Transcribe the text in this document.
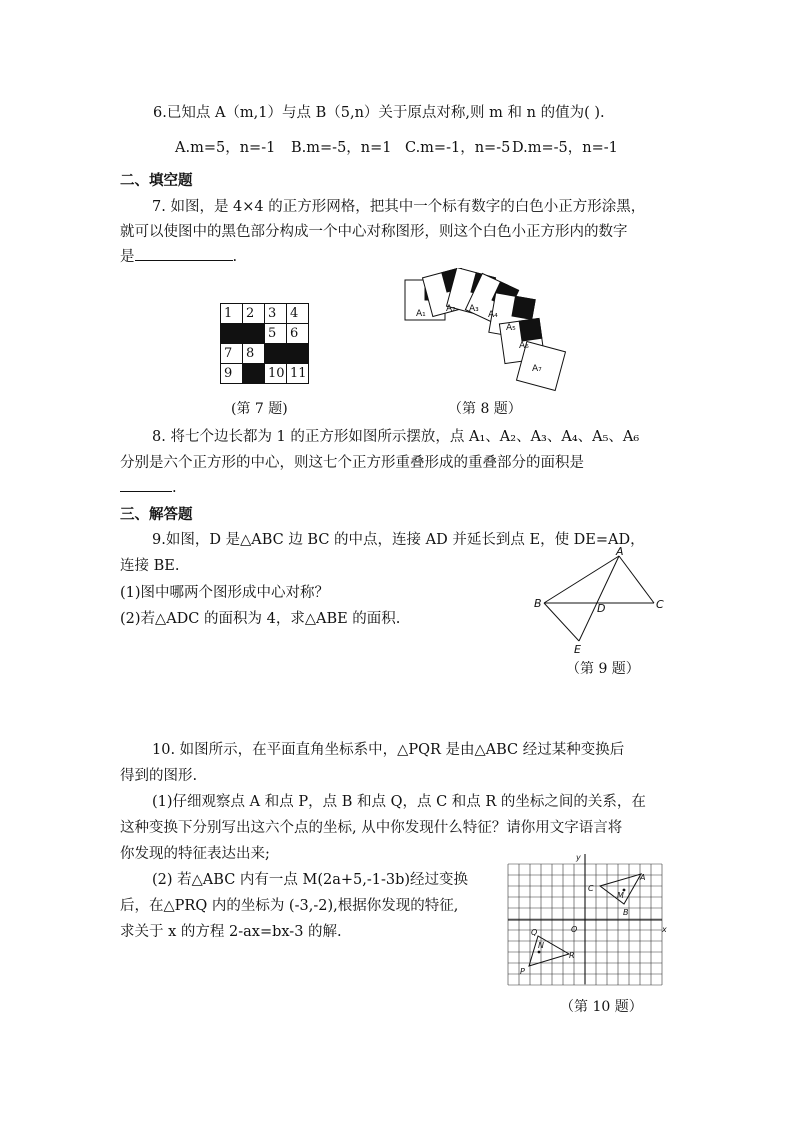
6.已知点 A（m,1）与点 B（5,n）关于原点对称,则 m 和 n 的值为( ).
A.m=5，n=-1 B.m=-5，n=1 C.m=-1，n=-5 D.m=-5，n=-1
二、填空题
7. 如图，是 4×4 的正方形网格，把其中一个标有数字的白色小正方形涂黑，
就可以使图中的黑色部分构成一个中心对称图形，则这个白色小正方形内的数字
是	.
1	2	3	4
		5	6
7	8		
9		10	11
(第 7 题)
A₁ A₂ A₃
A₄
A₅
A₆
A₇
（第 8 题）
8. 将七个边长都为 1 的正方形如图所示摆放，点 A₁、A₂、A₃、A₄、A₅、A₆
分别是六个正方形的中心，则这七个正方形重叠形成的重叠部分的面积是
.
三、解答题
9.如图，D 是△ABC 边 BC 的中点，连接 AD 并延长到点 E，使 DE=AD，
连接 BE.
(1)图中哪两个图形成中心对称？
(2)若△ADC 的面积为 4，求△ABE 的面积.
A
B	C
D
E
（第 9 题）
10. 如图所示，在平面直角坐标系中，△PQR 是由△ABC 经过某种变换后
得到的图形.
(1)仔细观察点 A 和点 P，点 B 和点 Q，点 C 和点 R 的坐标之间的关系，在
这种变换下分别写出这六个点的坐标, 从中你发现什么特征？请你用文字语言将
你发现的特征表达出来;
(2) 若△ABC 内有一点 M(2a+5,-1-3b)经过变换
后，在△PRQ 内的坐标为 (-3,-2),根据你发现的特征,
求关于 x 的方程 2-ax=bx-3 的解.
y
x
O
A
B
C
M
P
Q
R
N
（第 10 题）
